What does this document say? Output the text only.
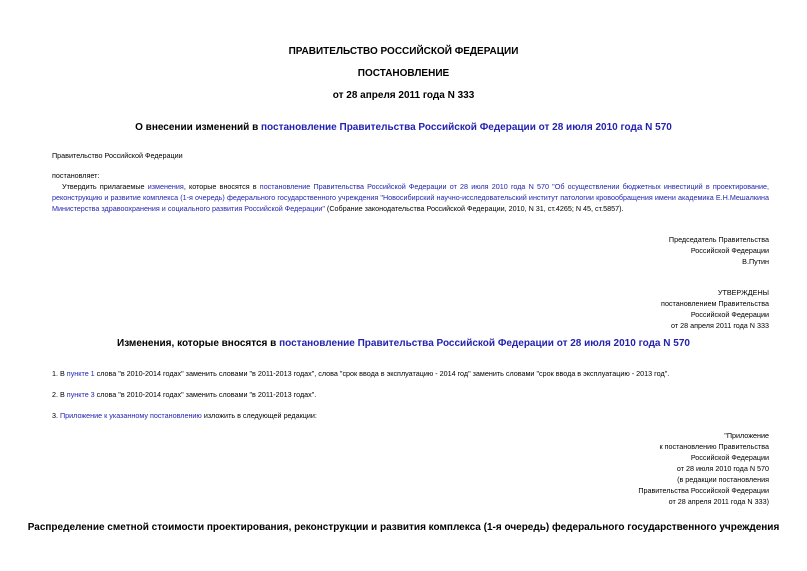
ПРАВИТЕЛЬСТВО РОССИЙСКОЙ ФЕДЕРАЦИИ
ПОСТАНОВЛЕНИЕ
от 28 апреля 2011 года N 333
О внесении изменений в постановление Правительства Российской Федерации от 28 июля 2010 года N 570
Правительство Российской Федерации
постановляет:
Утвердить прилагаемые изменения, которые вносятся в постановление Правительства Российской Федерации от 28 июля 2010 года N 570 "Об осуществлении бюджетных инвестиций в проектирование, реконструкцию и развитие комплекса (1-я очередь) федерального государственного учреждения "Новосибирский научно-исследовательский институт патологии кровообращения имени академика Е.Н.Мешалкина Министерства здравоохранения и социального развития Российской Федерации" (Собрание законодательства Российской Федерации, 2010, N 31, ст.4265; N 45, ст.5857).
Председатель Правительства
Российской Федерации
В.Путин
УТВЕРЖДЕНЫ
постановлением Правительства
Российской Федерации
от 28 апреля 2011 года N 333
Изменения, которые вносятся в постановление Правительства Российской Федерации от 28 июля 2010 года N 570
1. В пункте 1 слова "в 2010-2014 годах" заменить словами "в 2011-2013 годах", слова "срок ввода в эксплуатацию - 2014 год" заменить словами "срок ввода в эксплуатацию - 2013 год".
2. В пункте 3 слова "в 2010-2014 годах" заменить словами "в 2011-2013 годах".
3. Приложение к указанному постановлению изложить в следующей редакции:
"Приложение
к постановлению Правительства
Российской Федерации
от 28 июля 2010 года N 570
(в редакции постановления
Правительства Российской Федерации
от 28 апреля 2011 года N 333)
Распределение сметной стоимости проектирования, реконструкции и развития комплекса (1-я очередь) федерального государственного учреждения
